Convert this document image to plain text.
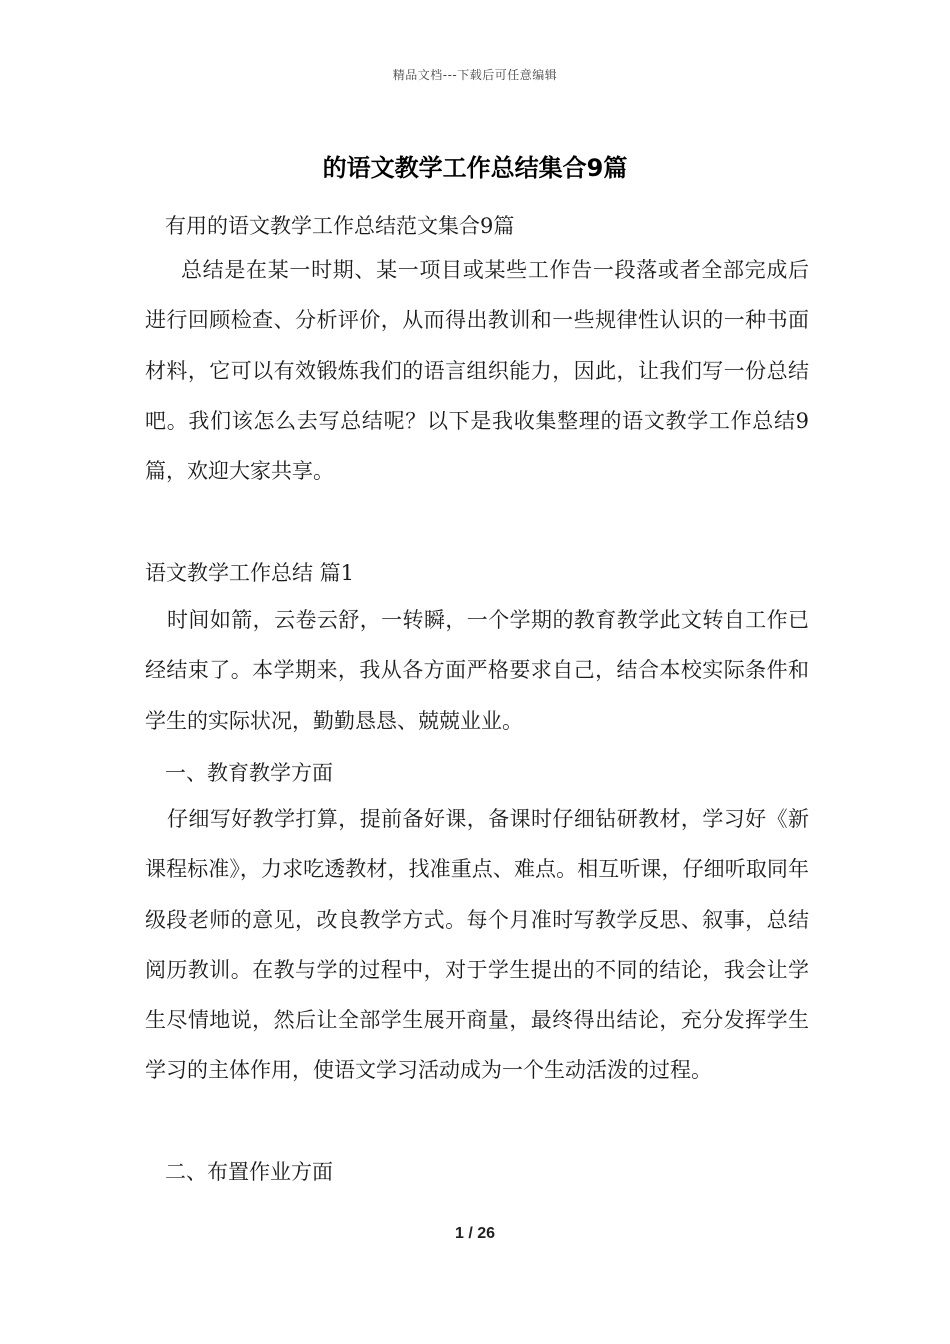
精品文档---下载后可任意编辑
的语文教学工作总结集合9篇
有用的语文教学工作总结范文集合9篇
总结是在某一时期、某一项目或某些工作告一段落或者全部完成后进行回顾检查、分析评价，从而得出教训和一些规律性认识的一种书面材料，它可以有效锻炼我们的语言组织能力，因此，让我们写一份总结吧。我们该怎么去写总结呢？以下是我收集整理的语文教学工作总结9篇，欢迎大家共享。
语文教学工作总结 篇1
时间如箭，云卷云舒，一转瞬，一个学期的教育教学此文转自工作已经结束了。本学期来，我从各方面严格要求自己，结合本校实际条件和学生的实际状况，勤勤恳恳、兢兢业业。
一、教育教学方面
仔细写好教学打算，提前备好课，备课时仔细钻研教材，学习好《新课程标准》，力求吃透教材，找准重点、难点。相互听课，仔细听取同年级段老师的意见，改良教学方式。每个月准时写教学反思、叙事，总结阅历教训。在教与学的过程中，对于学生提出的不同的结论，我会让学生尽情地说，然后让全部学生展开商量，最终得出结论，充分发挥学生学习的主体作用，使语文学习活动成为一个生动活泼的过程。
二、布置作业方面
1 / 26
